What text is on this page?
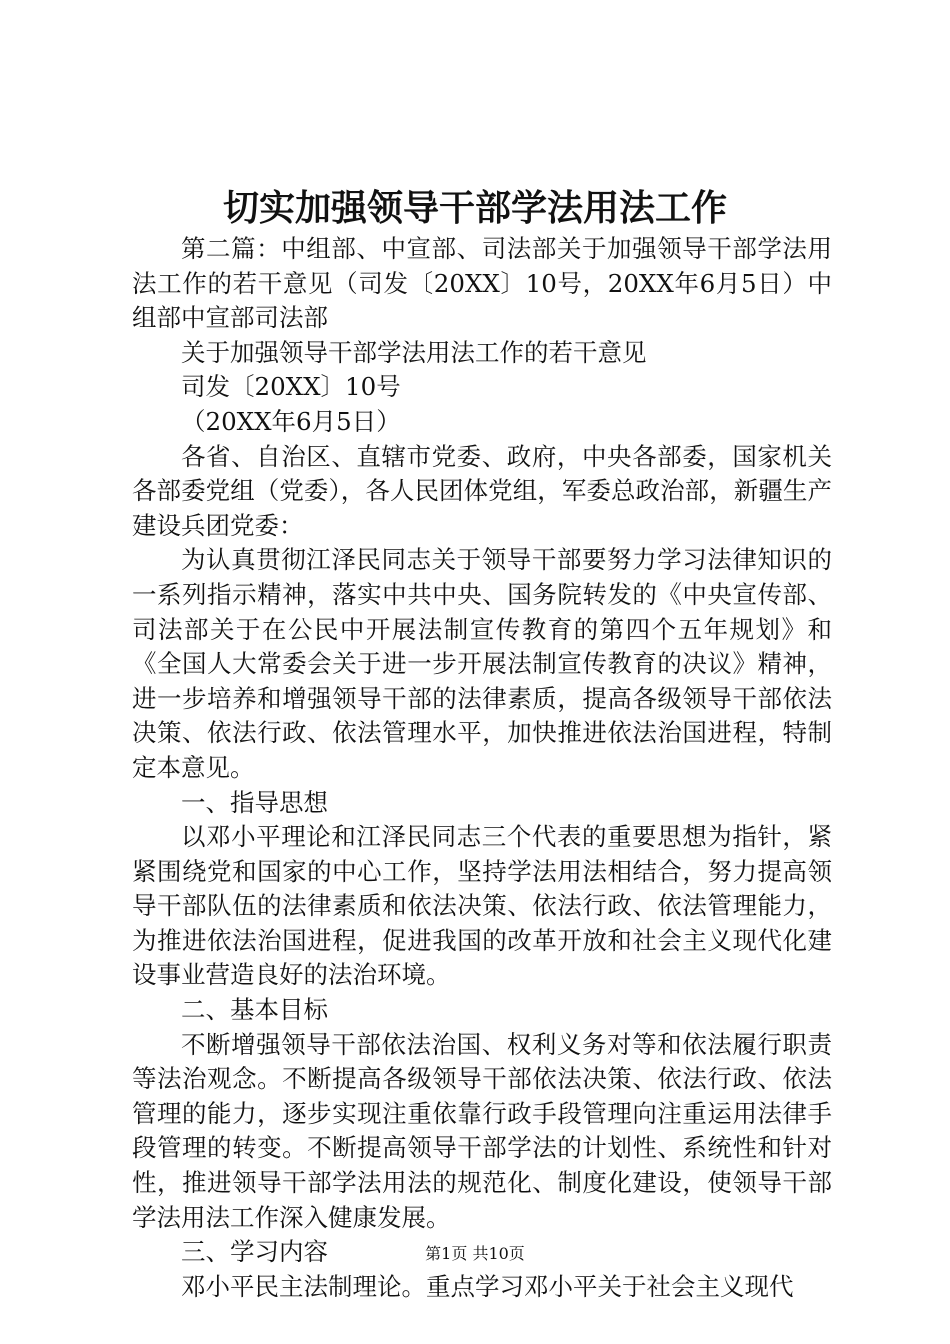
切实加强领导干部学法用法工作

第二篇：中组部、中宣部、司法部关于加强领导干部学法用法工作的若干意见（司发〔20XX〕10号，20XX年6月5日）中组部中宣部司法部

关于加强领导干部学法用法工作的若干意见

司发〔20XX〕10号

（20XX年6月5日）

各省、自治区、直辖市党委、政府，中央各部委，国家机关各部委党组（党委），各人民团体党组，军委总政治部，新疆生产建设兵团党委：

为认真贯彻江泽民同志关于领导干部要努力学习法律知识的一系列指示精神，落实中共中央、国务院转发的《中央宣传部、司法部关于在公民中开展法制宣传教育的第四个五年规划》和《全国人大常委会关于进一步开展法制宣传教育的决议》精神，进一步培养和增强领导干部的法律素质，提高各级领导干部依法决策、依法行政、依法管理水平，加快推进依法治国进程，特制定本意见。

一、指导思想

以邓小平理论和江泽民同志三个代表的重要思想为指针，紧紧围绕党和国家的中心工作，坚持学法用法相结合，努力提高领导干部队伍的法律素质和依法决策、依法行政、依法管理能力，为推进依法治国进程，促进我国的改革开放和社会主义现代化建设事业营造良好的法治环境。

二、基本目标

不断增强领导干部依法治国、权利义务对等和依法履行职责等法治观念。不断提高各级领导干部依法决策、依法行政、依法管理的能力，逐步实现注重依靠行政手段管理向注重运用法律手段管理的转变。不断提高领导干部学法的计划性、系统性和针对性，推进领导干部学法用法的规范化、制度化建设，使领导干部学法用法工作深入健康发展。

三、学习内容

邓小平民主法制理论。重点学习邓小平关于社会主义现代

第1页 共10页
